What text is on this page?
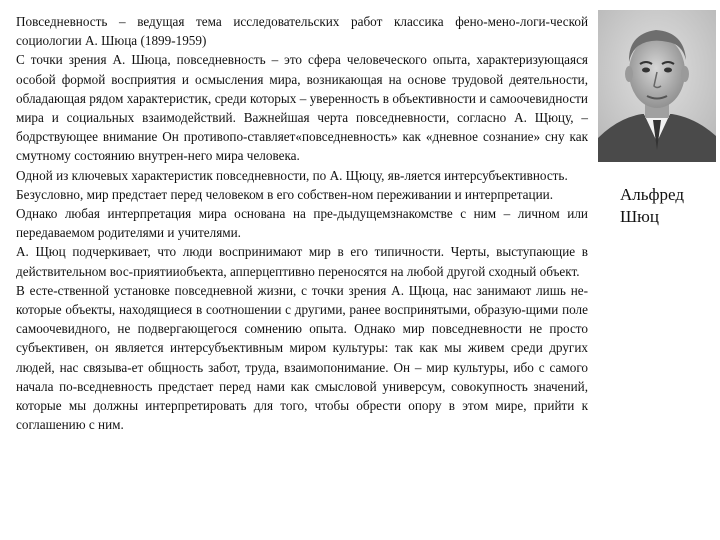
Повседневность – ведущая тема исследовательских работ классика фено-мено-логи-ческой социологии А. Шюца (1899-1959)

С точки зрения А. Шюца, повседневность – это сфера человеческого опыта, характеризующаяся особой формой восприятия и осмысления мира, возникающая на основе трудовой деятельности, обладающая рядом характеристик, среди которых – уверенность в объективности и самоочевидности мира и социальных взаимодействий. Важнейшая черта повседневности, согласно А. Щюцу, – бодрствующее внимание Он противопо-ставляет«повседневность» как «дневное сознание» сну как смутному состоянию внутрен-него мира человека.

Одной из ключевых характеристик повседневности, по А. Щюцу, яв-ляется интерсубъективность.

Безусловно, мир предстает перед человеком в его собствен-ном переживании и интерпретации.

Однако любая интерпретация мира основана на пре-дыдущемзнакомстве с ним – личном или передаваемом родителями и учителями.

А. Щюц подчеркивает, что люди воспринимают мир в его типичности. Черты, выступающие в действительном вос-приятииобъекта, апперцептивно переносятся на любой другой сходный объект.

В есте-ственной установке повседневной жизни, с точки зрения А. Щюца, нас занимают лишь не-которые объекты, находящиеся в соотношении с другими, ранее воспринятыми, образую-щими поле самоочевидного, не подвергающегося сомнению опыта. Однако мир повседневности не просто субъективен, он является интерсубъективным миром культуры: так как мы живем среди других людей, нас связыва-ет общность забот, труда, взаимопонимание. Он – мир культуры, ибо с самого начала по-вседневность предстает перед нами как смысловой универсум, совокупность значений, которые мы должны интерпретировать для того, чтобы обрести опору в этом мире, прийти к соглашению с ним.

Альфред
Шюц
